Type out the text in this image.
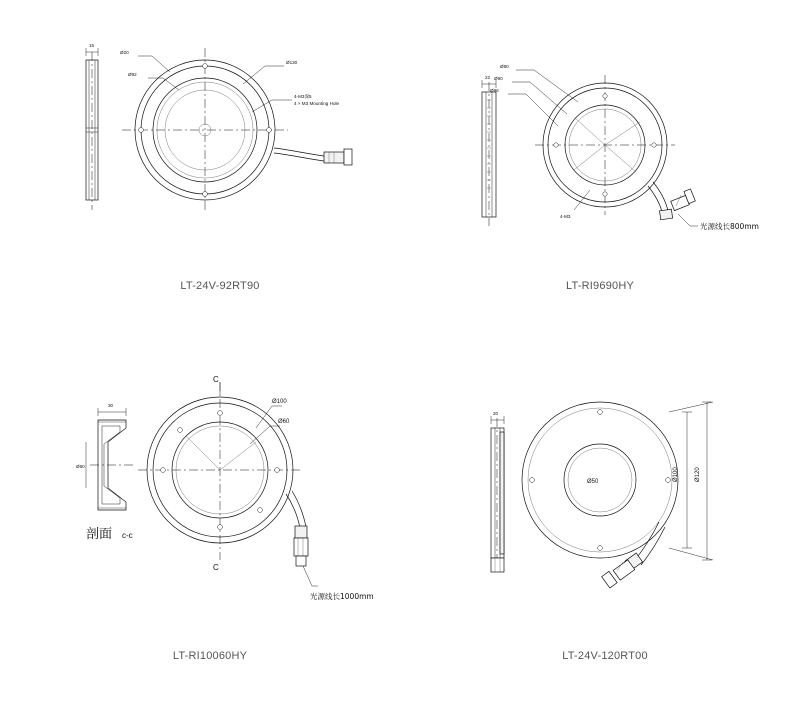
15
Ø20
Ø92
Ø130
4-M3深5
4 × M3 Mounting Hole
LT-24V-92RT90
22
Ø80
Ø90
Ø96
4-M3
光源线长800mm
LT-RI9690HY
30
Ø60
剖面 c-c
C
C
Ø100
Ø60
光源线长1000mm
LT-RI10060HY
20
Ø50	Ø100	Ø120
LT-24V-120RT00
